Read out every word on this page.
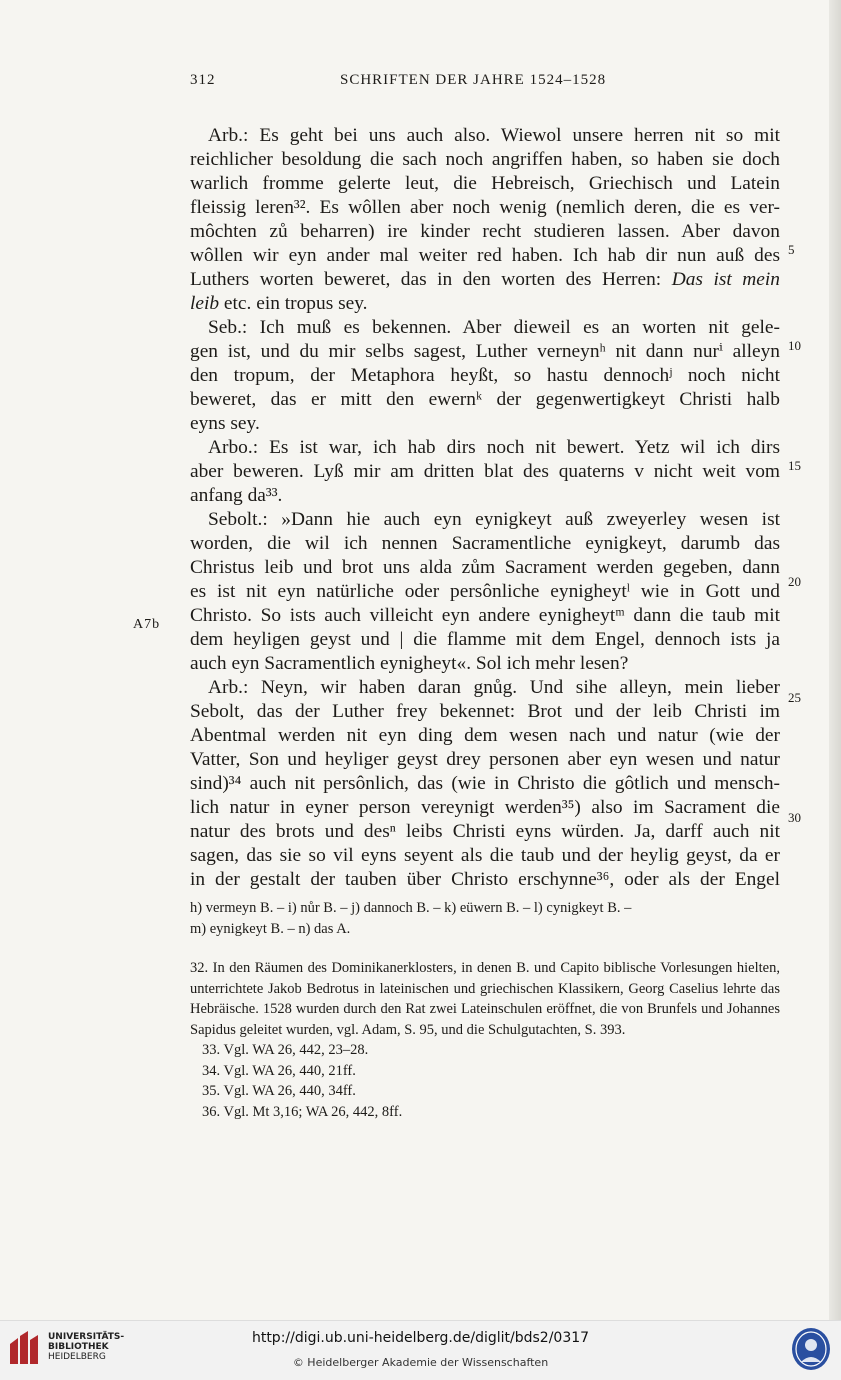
312	SCHRIFTEN DER JAHRE 1524–1528
Arb.: Es geht bei uns auch also. Wiewol unsere herren nit so mit
reichlicher besoldung die sach noch angriffen haben, so haben sie doch
warlich fromme gelerte leut, die Hebreisch, Griechisch und Latein
fleissig leren³². Es wôllen aber noch wenig (nemlich deren, die es ver-
môchten zů beharren) ire kinder recht studieren lassen. Aber davon
wôllen wir eyn ander mal weiter red haben. Ich hab dir nun auß des
Luthers worten beweret, das in den worten des Herren: Das ist mein
leib etc. ein tropus sey.
Seb.: Ich muß es bekennen. Aber dieweil es an worten nit gele-
gen ist, und du mir selbs sagest, Luther verneynʰ nit dann nurⁱ alleyn
den tropum, der Metaphora heyßt, so hastu dennochʲ noch nicht
beweret, das er mitt den ewernᵏ der gegenwertigkeyt Christi halb
eyns sey.
Arbo.: Es ist war, ich hab dirs noch nit bewert. Yetz wil ich dirs
aber beweren. Lyß mir am dritten blat des quaterns v nicht weit vom
anfang da³³.
Sebolt.: »Dann hie auch eyn eynigkeyt auß zweyerley wesen ist
worden, die wil ich nennen Sacramentliche eynigkeyt, darumb das
Christus leib und brot uns alda zům Sacrament werden gegeben, dann
es ist nit eyn natürliche oder persônliche eynigheytˡ wie in Gott und
Christo. So ists auch villeicht eyn andere eynigheytᵐ dann die taub mit
dem heyligen geyst und | die flamme mit dem Engel, dennoch ists ja
auch eyn Sacramentlich eynigheyt«. Sol ich mehr lesen?
Arb.: Neyn, wir haben daran gnůg. Und sihe alleyn, mein lieber
Sebolt, das der Luther frey bekennet: Brot und der leib Christi im
Abentmal werden nit eyn ding dem wesen nach und natur (wie der
Vatter, Son und heyliger geyst drey personen aber eyn wesen und natur
sind)³⁴ auch nit persônlich, das (wie in Christo die gôtlich und mensch-
lich natur in eyner person vereynigt werden³⁵) also im Sacrament die
natur des brots und desⁿ leibs Christi eyns würden. Ja, darff auch nit
sagen, das sie so vil eyns seyent als die taub und der heylig geyst, da er
in der gestalt der tauben über Christo erschynne³⁶, oder als der Engel
5
10
15
20
25
30
A7b
h) vermeyn B. – i) nůr B. – j) dannoch B. – k) eüwern B. – l) cynigkeyt B. –
m) eynigkeyt B. – n) das A.
32. In den Räumen des Dominikanerklosters, in denen B. und Capito biblische Vorlesungen hielten, unterrichtete Jakob Bedrotus in lateinischen und griechischen Klassikern, Georg Caselius lehrte das Hebräische. 1528 wurden durch den Rat zwei Lateinschulen eröffnet, die von Brunfels und Johannes Sapidus geleitet wurden, vgl. Adam, S. 95, und die Schulgutachten, S. 393.
33. Vgl. WA 26, 442, 23–28.
34. Vgl. WA 26, 440, 21ff.
35. Vgl. WA 26, 440, 34ff.
36. Vgl. Mt 3,16; WA 26, 442, 8ff.
UNIVERSITÄTS-
BIBLIOTHEK
HEIDELBERG
http://digi.ub.uni-heidelberg.de/diglit/bds2/0317
© Heidelberger Akademie der Wissenschaften
